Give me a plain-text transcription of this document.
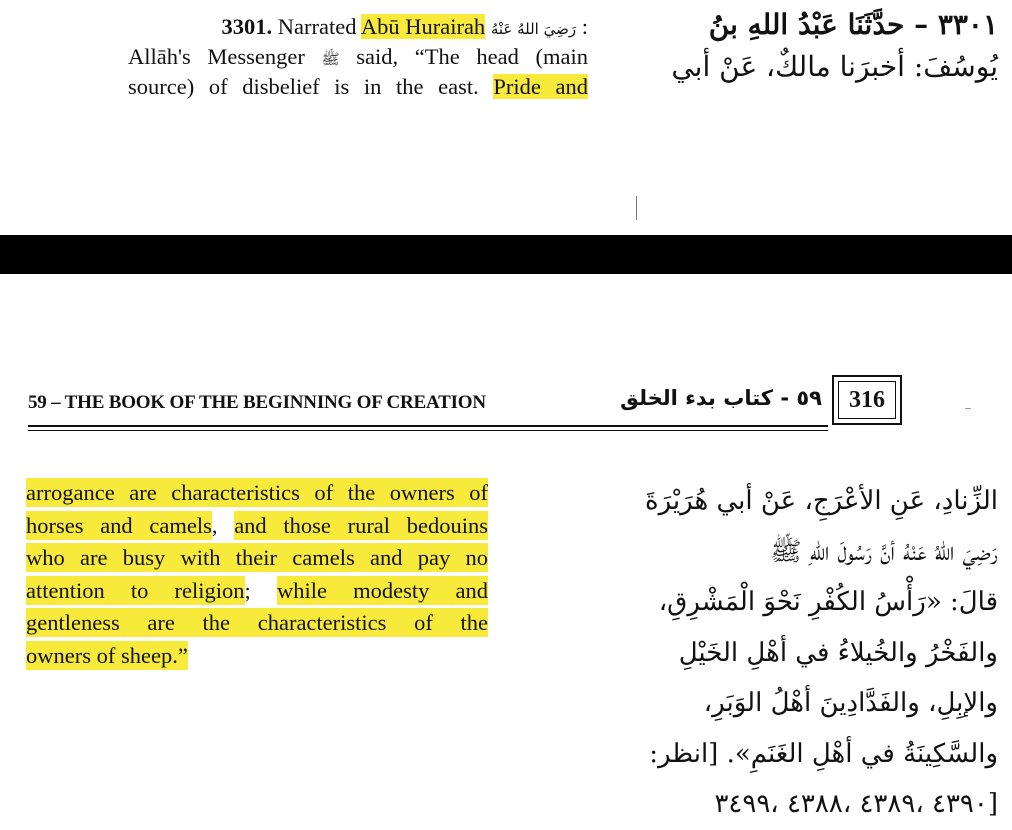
3301. Narrated Abū Hurairah رَضِيَ اللهُ عَنْهُ :
Allāh's Messenger ﷺ said, “The head (main
source) of disbelief is in the east. Pride and
٣٣٠١ – حدَّثَنَا عَبْدُ اللهِ بنُ
يُوسُفَ: أخبرَنا مالكٌ، عَنْ أبي
59 – THE BOOK OF THE BEGINNING OF CREATION	٥٩ - كتاب بدء الخلق	316
arrogance are characteristics of the owners of
horses and camels, and those rural bedouins
who are busy with their camels and pay no
attention to religion; while modesty and
gentleness are the characteristics of the
owners of sheep.”
الزِّنادِ، عَنِ الأعْرَجِ، عَنْ أبي هُرَيْرَةَ
رَضِيَ اللهُ عَنْهُ أنَّ رَسُولَ اللهِ ﷺ
قالَ: «رَأْسُ الكُفْرِ نَحْوَ الْمَشْرِقِ،
والفَخْرُ والخُيلاءُ في أهْلِ الخَيْلِ
والإبِلِ، والفَدَّادِينَ أهْلُ الوَبَرِ،
والسَّكِينَةُ في أهْلِ الغَنَمِ». [انظر:
[٤٣٩٠ ،٤٣٨٩ ،٤٣٨٨ ،٣٤٩٩
